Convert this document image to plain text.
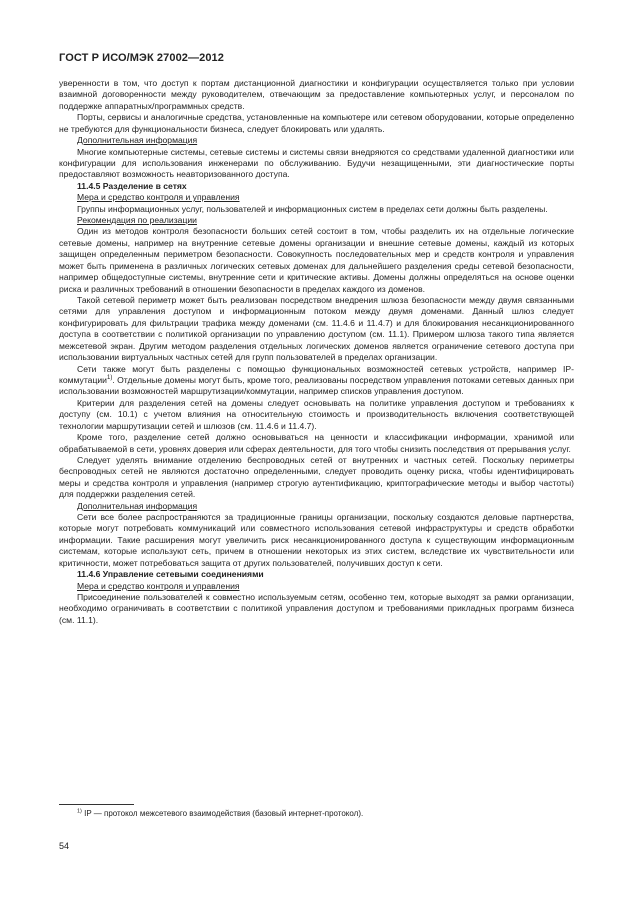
ГОСТ Р ИСО/МЭК 27002—2012

уверенности в том, что доступ к портам дистанционной диагностики и конфигурации осуществляется только при условии взаимной договоренности между руководителем, отвечающим за предоставление компьютерных услуг, и персоналом по поддержке аппаратных/программных средств.

Порты, сервисы и аналогичные средства, установленные на компьютере или сетевом оборудовании, которые определенно не требуются для функциональности бизнеса, следует блокировать или удалять.

Дополнительная информация

Многие компьютерные системы, сетевые системы и системы связи внедряются со средствами удаленной диагностики или конфигурации для использования инженерами по обслуживанию. Будучи незащищенными, эти диагностические порты предоставляют возможность неавторизованного доступа.

11.4.5 Разделение в сетях

Мера и средство контроля и управления

Группы информационных услуг, пользователей и информационных систем в пределах сети должны быть разделены.

Рекомендация по реализации

Один из методов контроля безопасности больших сетей состоит в том, чтобы разделить их на отдельные логические сетевые домены, например на внутренние сетевые домены организации и внешние сетевые домены, каждый из которых защищен определенным периметром безопасности. Совокупность последовательных мер и средств контроля и управления может быть применена в различных логических сетевых доменах для дальнейшего разделения среды сетевой безопасности, например общедоступные системы, внутренние сети и критические активы. Домены должны определяться на основе оценки риска и различных требований в отношении безопасности в пределах каждого из доменов.

Такой сетевой периметр может быть реализован посредством внедрения шлюза безопасности между двумя связанными сетями для управления доступом и информационным потоком между двумя доменами. Данный шлюз следует конфигурировать для фильтрации трафика между доменами (см. 11.4.6 и 11.4.7) и для блокирования несанкционированного доступа в соответствии с политикой организации по управлению доступом (см. 11.1). Примером шлюза такого типа является межсетевой экран. Другим методом разделения отдельных логических доменов является ограничение сетевого доступа при использовании виртуальных частных сетей для групп пользователей в пределах организации.

Сети также могут быть разделены с помощью функциональных возможностей сетевых устройств, например IP-коммутации$^{1)}$. Отдельные домены могут быть, кроме того, реализованы посредством управления потоками сетевых данных при использовании возможностей маршрутизации/коммутации, например списков управления доступом.

Критерии для разделения сетей на домены следует основывать на политике управления доступом и требованиях к доступу (см. 10.1) с учетом влияния на относительную стоимость и производительность включения соответствующей технологии маршрутизации сетей и шлюзов (см. 11.4.6 и 11.4.7).

Кроме того, разделение сетей должно основываться на ценности и классификации информации, хранимой или обрабатываемой в сети, уровнях доверия или сферах деятельности, для того чтобы снизить последствия от прерывания услуг.

Следует уделять внимание отделению беспроводных сетей от внутренних и частных сетей. Поскольку периметры беспроводных сетей не являются достаточно определенными, следует проводить оценку риска, чтобы идентифицировать меры и средства контроля и управления (например строгую аутентификацию, криптографические методы и выбор частоты) для поддержки разделения сетей.

Дополнительная информация

Сети все более распространяются за традиционные границы организации, поскольку создаются деловые партнерства, которые могут потребовать коммуникаций или совместного использования сетевой инфраструктуры и средств обработки информации. Такие расширения могут увеличить риск несанкционированного доступа к существующим информационным системам, которые используют сеть, причем в отношении некоторых из этих систем, вследствие их чувствительности или критичности, может потребоваться защита от других пользователей, получивших доступ к сети.

11.4.6 Управление сетевыми соединениями

Мера и средство контроля и управления

Присоединение пользователей к совместно используемым сетям, особенно тем, которые выходят за рамки организации, необходимо ограничивать в соответствии с политикой управления доступом и требованиями прикладных программ бизнеса (см. 11.1).

$^{1)}$ IP — протокол межсетевого взаимодействия (базовый интернет-протокол).
54
